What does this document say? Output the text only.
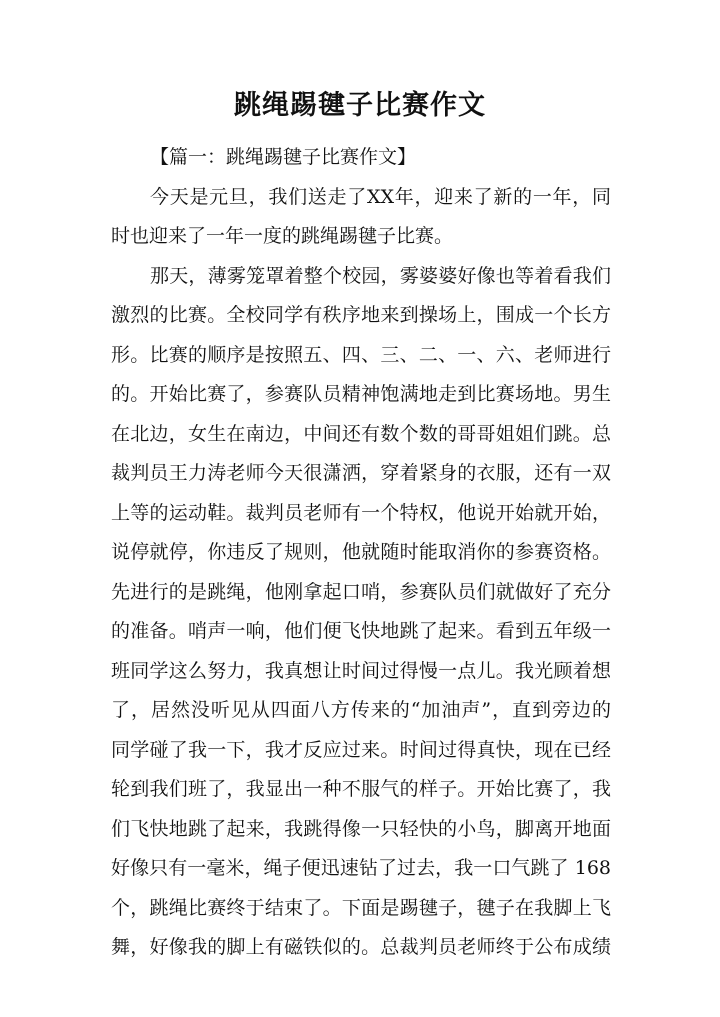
跳绳踢毽子比赛作文
【篇一：跳绳踢毽子比赛作文】
今天是元旦，我们送走了XX年，迎来了新的一年，同
时也迎来了一年一度的跳绳踢毽子比赛。
那天，薄雾笼罩着整个校园，雾婆婆好像也等着看我们
激烈的比赛。全校同学有秩序地来到操场上，围成一个长方
形。比赛的顺序是按照五、四、三、二、一、六、老师进行
的。开始比赛了，参赛队员精神饱满地走到比赛场地。男生
在北边，女生在南边，中间还有数个数的哥哥姐姐们跳。总
裁判员王力涛老师今天很潇洒，穿着紧身的衣服，还有一双
上等的运动鞋。裁判员老师有一个特权，他说开始就开始，
说停就停，你违反了规则，他就随时能取消你的参赛资格。
先进行的是跳绳，他刚拿起口哨，参赛队员们就做好了充分
的准备。哨声一响，他们便飞快地跳了起来。看到五年级一
班同学这么努力，我真想让时间过得慢一点儿。我光顾着想
了，居然没听见从四面八方传来的“加油声”，直到旁边的
同学碰了我一下，我才反应过来。时间过得真快，现在已经
轮到我们班了，我显出一种不服气的样子。开始比赛了，我
们飞快地跳了起来，我跳得像一只轻快的小鸟，脚离开地面
好像只有一毫米，绳子便迅速钻了过去，我一口气跳了 168
个，跳绳比赛终于结束了。下面是踢毽子，毽子在我脚上飞
舞，好像我的脚上有磁铁似的。总裁判员老师终于公布成绩
